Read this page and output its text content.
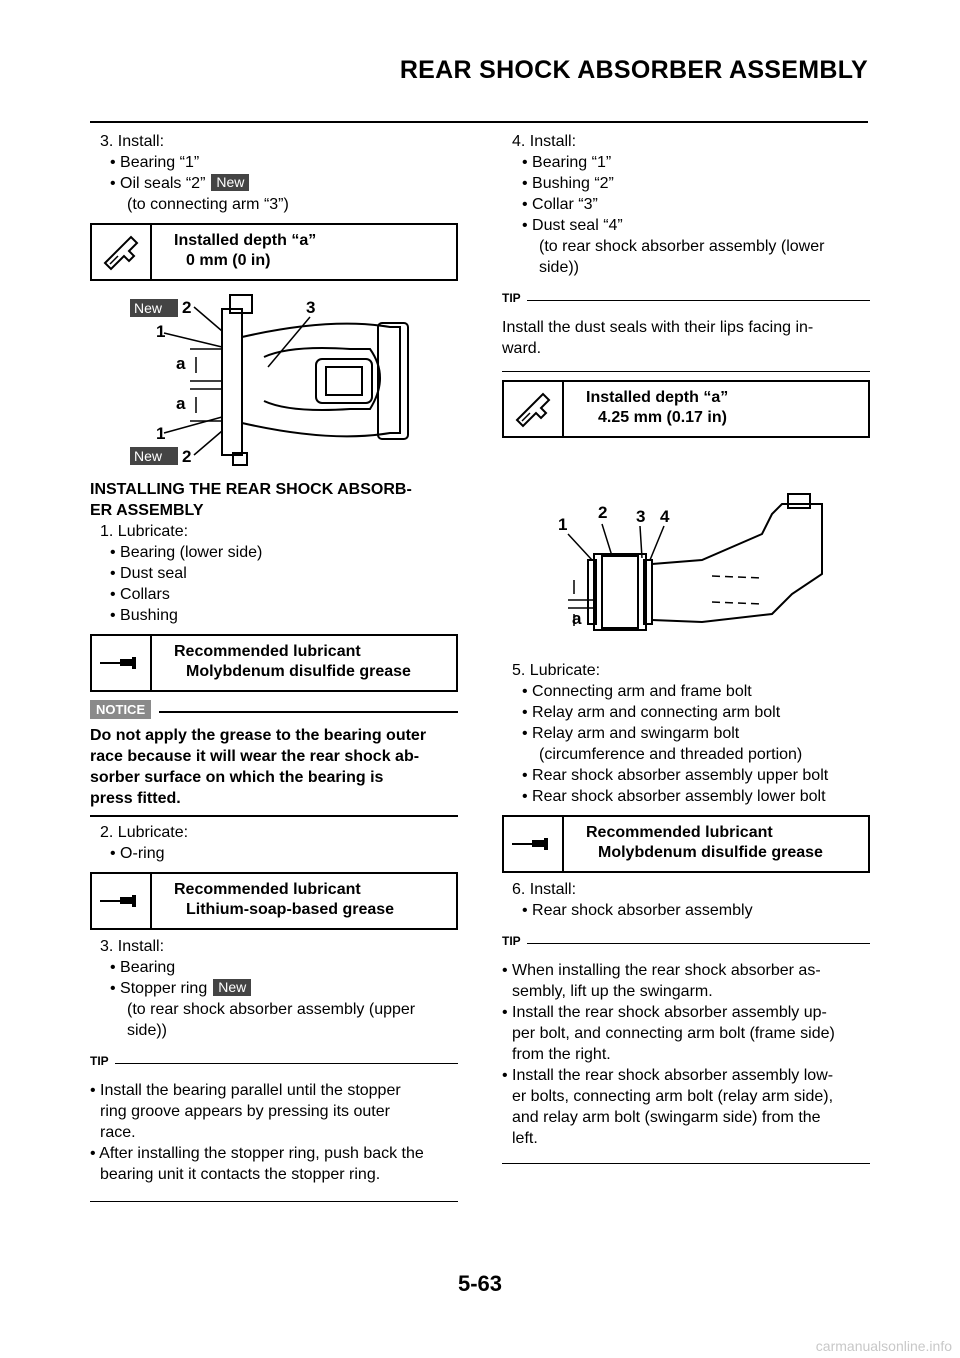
REAR SHOCK ABSORBER ASSEMBLY
3. Install:
• Bearing “1”
• Oil seals “2” New
(to connecting arm “3”)
Installed depth “a”
0 mm (0 in)
New 2	3
1
a
a
1
New 2
INSTALLING THE REAR SHOCK ABSORB-
ER ASSEMBLY
1. Lubricate:
• Bearing (lower side)
• Dust seal
• Collars
• Bushing
Recommended lubricant
Molybdenum disulfide grease
NOTICE
Do not apply the grease to the bearing outer
race because it will wear the rear shock ab-
sorber surface on which the bearing is
press fitted.
2. Lubricate:
• O-ring
Recommended lubricant
Lithium-soap-based grease
3. Install:
• Bearing
• Stopper ring New
(to rear shock absorber assembly (upper
side))
TIP
• Install the bearing parallel until the stopper
ring groove appears by pressing its outer
race.
• After installing the stopper ring, push back the
bearing unit it contacts the stopper ring.
4. Install:
• Bearing “1”
• Bushing “2”
• Collar “3”
• Dust seal “4”
(to rear shock absorber assembly (lower
side))
TIP
Install the dust seals with their lips facing in-
ward.
Installed depth “a”
4.25 mm (0.17 in)
1
2 3 4
a
5. Lubricate:
• Connecting arm and frame bolt
• Relay arm and connecting arm bolt
• Relay arm and swingarm bolt
(circumference and threaded portion)
• Rear shock absorber assembly upper bolt
• Rear shock absorber assembly lower bolt
Recommended lubricant
Molybdenum disulfide grease
6. Install:
• Rear shock absorber assembly
TIP
• When installing the rear shock absorber as-
sembly, lift up the swingarm.
• Install the rear shock absorber assembly up-
per bolt, and connecting arm bolt (frame side)
from the right.
• Install the rear shock absorber assembly low-
er bolts, connecting arm bolt (relay arm side),
and relay arm bolt (swingarm side) from the
left.
5-63
carmanualsonline.info
